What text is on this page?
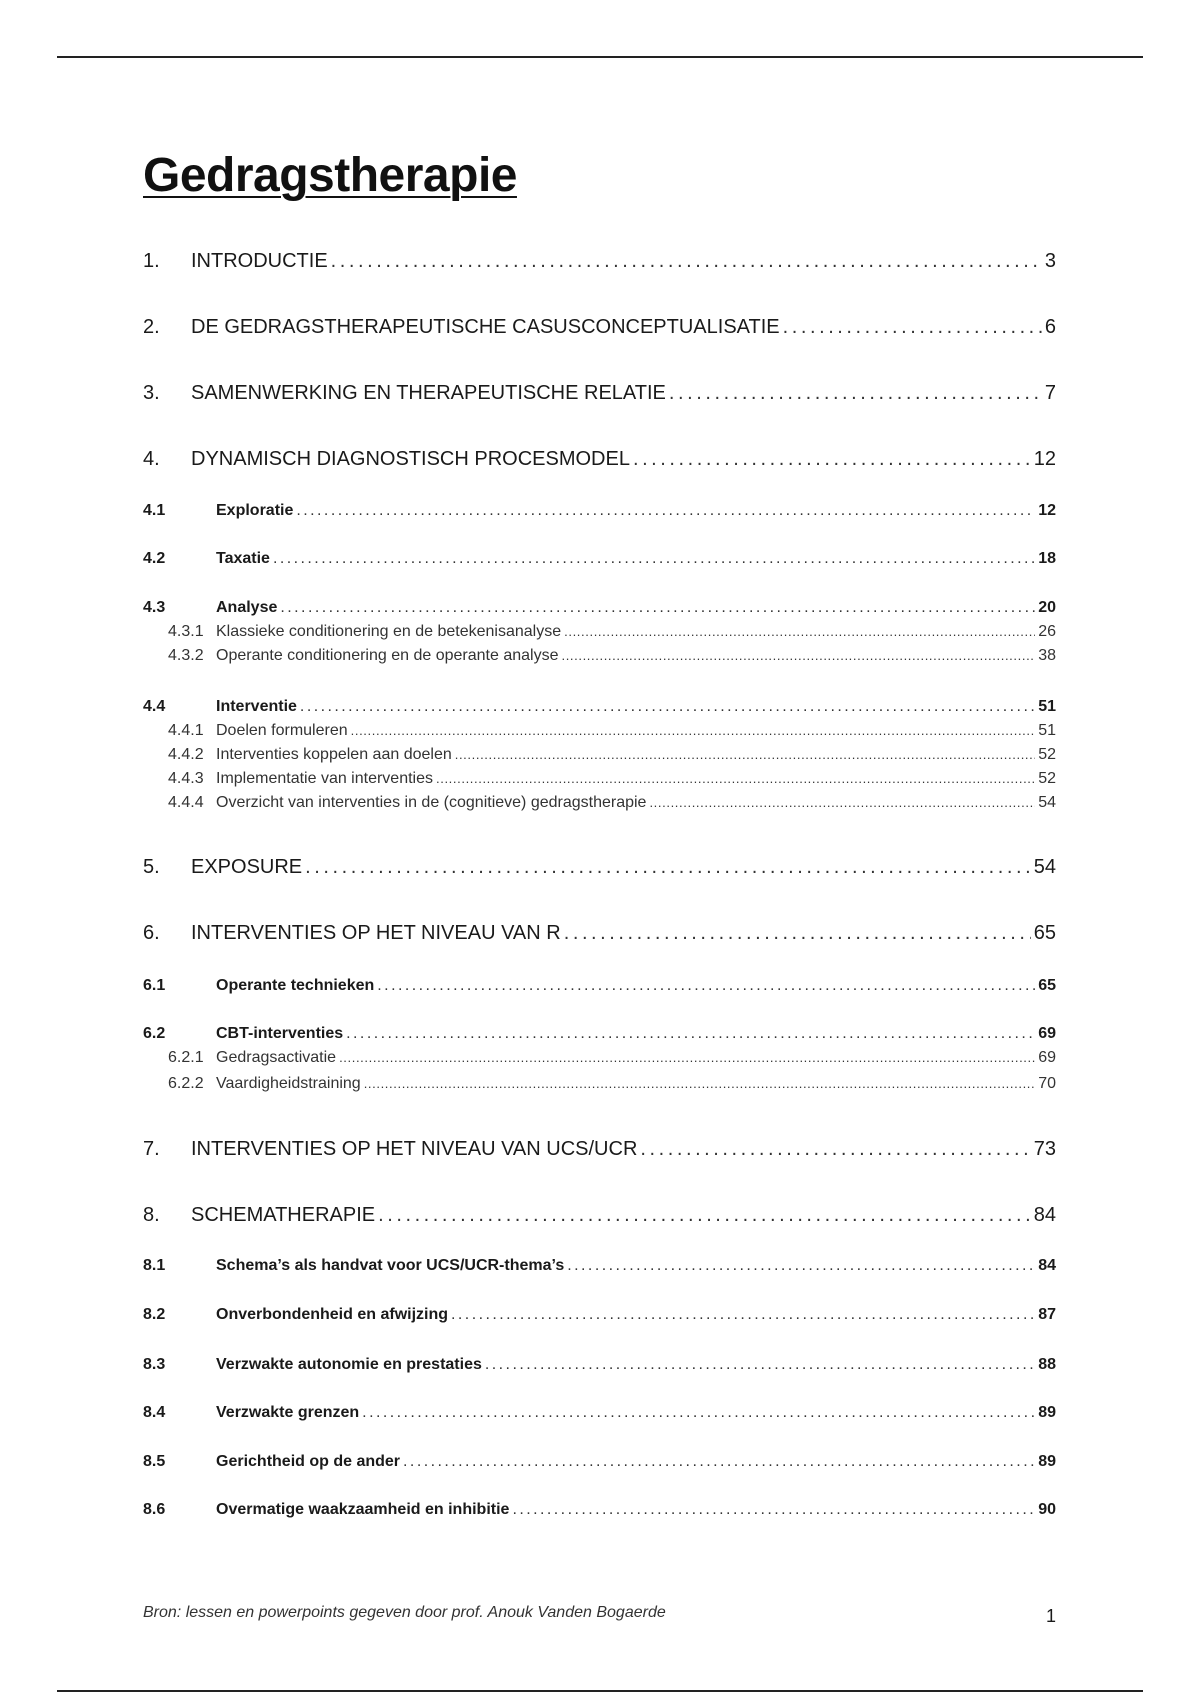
Gedragstherapie
1.	INTRODUCTIE . . .	3
2.	DE GEDRAGSTHERAPEUTISCHE CASUSCONCEPTUALISATIE . . .	6
3.	SAMENWERKING EN THERAPEUTISCHE RELATIE . . .	7
4.	DYNAMISCH DIAGNOSTISCH PROCESMODEL . . .	12
4.1	Exploratie . . .	12
4.2	Taxatie . . .	18
4.3	Analyse . . .	20
4.3.1 Klassieke conditionering en de betekenisanalyse . . .	26
4.3.2 Operante conditionering en de operante analyse . . .	38
4.4	Interventie . . .	51
4.4.1 Doelen formuleren . . .	51
4.4.2 Interventies koppelen aan doelen . . .	52
4.4.3 Implementatie van interventies . . .	52
4.4.4 Overzicht van interventies in de (cognitieve) gedragstherapie . . .	54
5.	EXPOSURE . . .	54
6.	INTERVENTIES OP HET NIVEAU VAN R . . .	65
6.1	Operante technieken . . .	65
6.2	CBT-interventies . . .	69
6.2.1 Gedragsactivatie . . .	69
6.2.2 Vaardigheidstraining . . .	70
7.	INTERVENTIES OP HET NIVEAU VAN UCS/UCR . . .	73
8.	SCHEMATHERAPIE . . .	84
8.1	Schema’s als handvat voor UCS/UCR-thema’s . . .	84
8.2	Onverbondenheid en afwijzing . . .	87
8.3	Verzwakte autonomie en prestaties . . .	88
8.4	Verzwakte grenzen . . .	89
8.5	Gerichtheid op de ander . . .	89
8.6	Overmatige waakzaamheid en inhibitie . . .	90
Bron: lessen en powerpoints gegeven door prof. Anouk Vanden Bogaerde	1
